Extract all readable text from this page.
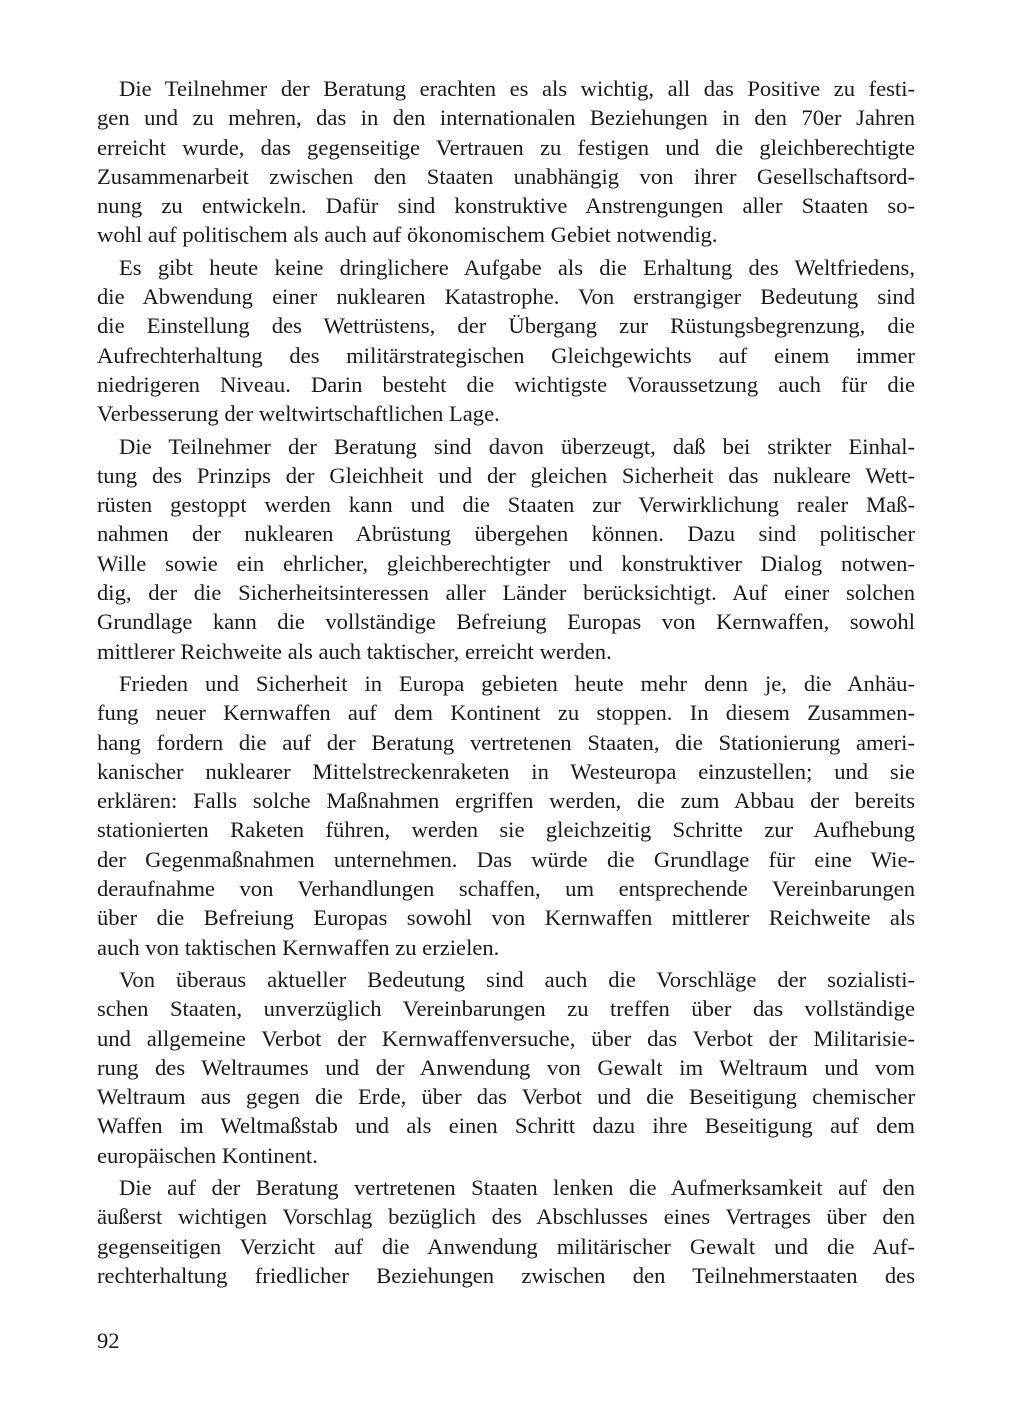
Die Teilnehmer der Beratung erachten es als wichtig, all das Positive zu festi-
gen und zu mehren, das in den internationalen Beziehungen in den 70er Jahren
erreicht wurde, das gegenseitige Vertrauen zu festigen und die gleichberechtigte
Zusammenarbeit zwischen den Staaten unabhängig von ihrer Gesellschaftsord-
nung zu entwickeln. Dafür sind konstruktive Anstrengungen aller Staaten so-
wohl auf politischem als auch auf ökonomischem Gebiet notwendig.
Es gibt heute keine dringlichere Aufgabe als die Erhaltung des Weltfriedens,
die Abwendung einer nuklearen Katastrophe. Von erstrangiger Bedeutung sind
die Einstellung des Wettrüstens, der Übergang zur Rüstungsbegrenzung, die
Aufrechterhaltung des militärstrategischen Gleichgewichts auf einem immer
niedrigeren Niveau. Darin besteht die wichtigste Voraussetzung auch für die
Verbesserung der weltwirtschaftlichen Lage.
Die Teilnehmer der Beratung sind davon überzeugt, daß bei strikter Einhal-
tung des Prinzips der Gleichheit und der gleichen Sicherheit das nukleare Wett-
rüsten gestoppt werden kann und die Staaten zur Verwirklichung realer Maß-
nahmen der nuklearen Abrüstung übergehen können. Dazu sind politischer
Wille sowie ein ehrlicher, gleichberechtigter und konstruktiver Dialog notwen-
dig, der die Sicherheitsinteressen aller Länder berücksichtigt. Auf einer solchen
Grundlage kann die vollständige Befreiung Europas von Kernwaffen, sowohl
mittlerer Reichweite als auch taktischer, erreicht werden.
Frieden und Sicherheit in Europa gebieten heute mehr denn je, die Anhäu-
fung neuer Kernwaffen auf dem Kontinent zu stoppen. In diesem Zusammen-
hang fordern die auf der Beratung vertretenen Staaten, die Stationierung ameri-
kanischer nuklearer Mittelstreckenraketen in Westeuropa einzustellen; und sie
erklären: Falls solche Maßnahmen ergriffen werden, die zum Abbau der bereits
stationierten Raketen führen, werden sie gleichzeitig Schritte zur Aufhebung
der Gegenmaßnahmen unternehmen. Das würde die Grundlage für eine Wie-
deraufnahme von Verhandlungen schaffen, um entsprechende Vereinbarungen
über die Befreiung Europas sowohl von Kernwaffen mittlerer Reichweite als
auch von taktischen Kernwaffen zu erzielen.
Von überaus aktueller Bedeutung sind auch die Vorschläge der sozialisti-
schen Staaten, unverzüglich Vereinbarungen zu treffen über das vollständige
und allgemeine Verbot der Kernwaffenversuche, über das Verbot der Militarisie-
rung des Weltraumes und der Anwendung von Gewalt im Weltraum und vom
Weltraum aus gegen die Erde, über das Verbot und die Beseitigung chemischer
Waffen im Weltmaßstab und als einen Schritt dazu ihre Beseitigung auf dem
europäischen Kontinent.
Die auf der Beratung vertretenen Staaten lenken die Aufmerksamkeit auf den
äußerst wichtigen Vorschlag bezüglich des Abschlusses eines Vertrages über den
gegenseitigen Verzicht auf die Anwendung militärischer Gewalt und die Auf-
rechterhaltung friedlicher Beziehungen zwischen den Teilnehmerstaaten des
92
